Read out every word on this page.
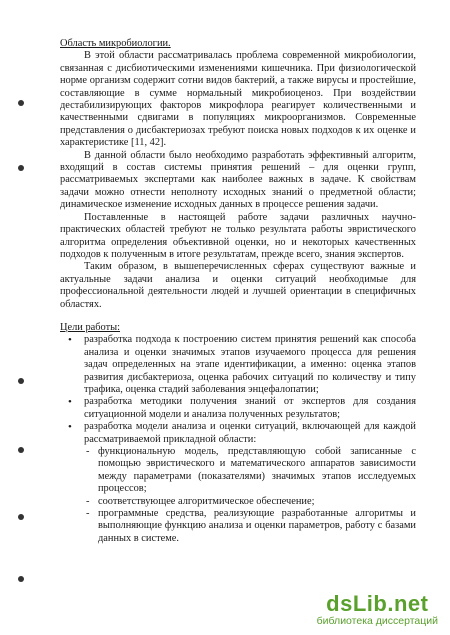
Область микробиологии.

В этой области рассматривалась проблема современной микробиологии, связанная с дисбиотическими изменениями кишечника. При физиологической норме организм содержит сотни видов бактерий, а также вирусы и простейшие, составляющие в сумме нормальный микробиоценоз. При воздействии дестабилизирующих факторов микрофлора реагирует количественными и качественными сдвигами в популяциях микроорганизмов. Современные представления о дисбактериозах требуют поиска новых подходов к их оценке и характеристике [11, 42].

В данной области было необходимо разработать эффективный алгоритм, входящий в состав системы принятия решений – для оценки групп, рассматриваемых экспертами как наиболее важных в задаче. К свойствам задачи можно отнести неполноту исходных знаний о предметной области; динамическое изменение исходных данных в процессе решения задачи.

Поставленные в настоящей работе задачи различных научно-практических областей требуют не только результата работы эвристического алгоритма определения объективной оценки, но и некоторых качественных подходов к полученным в итоге результатам, прежде всего, знания экспертов.

Таким образом, в вышеперечисленных сферах существуют важные и актуальные задачи анализа и оценки ситуаций необходимые для профессиональной деятельности людей и лучшей ориентации в специфичных областях.

Цели работы:

• разработка подхода к построению систем принятия решений как способа анализа и оценки значимых этапов изучаемого процесса для решения задач определенных на этапе идентификации, а именно: оценка этапов развития дисбактериоза, оценка рабочих ситуаций по количеству и типу трафика, оценка стадий заболевания энцефалопатии;
• разработка методики получения знаний от экспертов для создания ситуационной модели и анализа полученных результатов;
• разработка модели анализа и оценки ситуаций, включающей для каждой рассматриваемой прикладной области:
- функциональную модель, представляющую собой записанные с помощью эвристического и математического аппаратов зависимости между параметрами (показателями) значимых этапов исследуемых процессов;
- соответствующее алгоритмическое обеспечение;
- программные средства, реализующие разработанные алгоритмы и выполняющие функцию анализа и оценки параметров, работу с базами данных в системе.
dsLib.net
библиотека диссертаций
